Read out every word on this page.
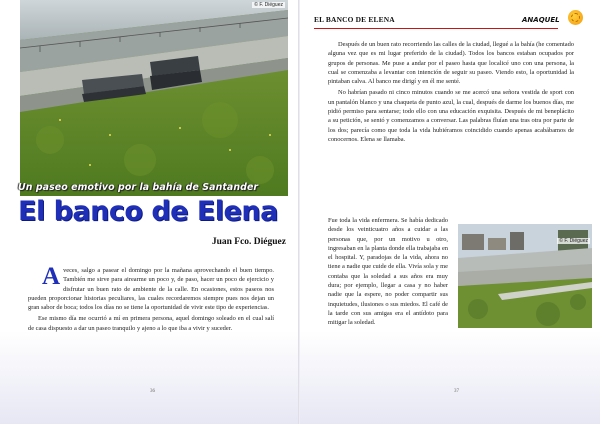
© F. Diéguez
Un paseo emotivo por la bahía de Santander
El banco de Elena
Juan Fco. Diéguez

Aveces, salgo a pasear el domingo por la mañana aprovechando el buen tiempo. También me sirve para airearme un poco y, de paso, hacer un poco de ejercicio y disfrutar un buen rato de ambiente de la calle. En ocasiones, estos paseos nos pueden proporcionar historias peculiares, las cuales recordaremos siempre pues nos dejan un gran sabor de boca; todos los días no se tiene la oportunidad de vivir este tipo de experiencias.

Ese mismo día me ocurrió a mí en primera persona, aquel domingo soleado en el cual salí de casa dispuesto a dar un paseo tranquilo y ajeno a lo que iba a vivir y suceder.

36
EL BANCO DE ELENA	ANAQUEL

Después de un buen rato recorriendo las calles de la ciudad, llegué a la bahía (he comentado alguna vez que es mi lugar preferido de la ciudad). Todos los bancos estaban ocupados por grupos de personas. Me puse a andar por el paseo hasta que localicé uno con una persona, la cual se comenzaba a levantar con intención de seguir su paseo. Viendo esto, la oportunidad la pintaban calva. Al banco me dirigí y en él me senté.

No habrían pasado ni cinco minutos cuando se me acercó una señora vestida de sport con un pantalón blanco y una chaqueta de punto azul, la cual, después de darme los buenos días, me pidió permiso para sentarse; todo ello con una educación exquisita. Después de mi beneplácito a su petición, se sentó y comenzamos a conversar. Las palabras fluían una tras otra por parte de los dos; parecía como que toda la vida hubiéramos coincidido cuando apenas acabábamos de conocernos. Elena se llamaba.

Fue toda la vida enfermera. Se había dedicado desde los veinticuatro años a cuidar a las personas que, por un motivo u otro, ingresaban en la planta donde ella trabajaba en el hospital. Y, paradojas de la vida, ahora no tiene a nadie que cuide de ella. Vivía sola y me contaba que la soledad a sus años era muy dura; por ejemplo, llegar a casa y no haber nadie que la espere, no poder compartir sus inquietudes, ilusiones o sus miedos. El café de la tarde con sus amigas era el antídoto para mitigar la soledad.

© F. Diéguez
37
